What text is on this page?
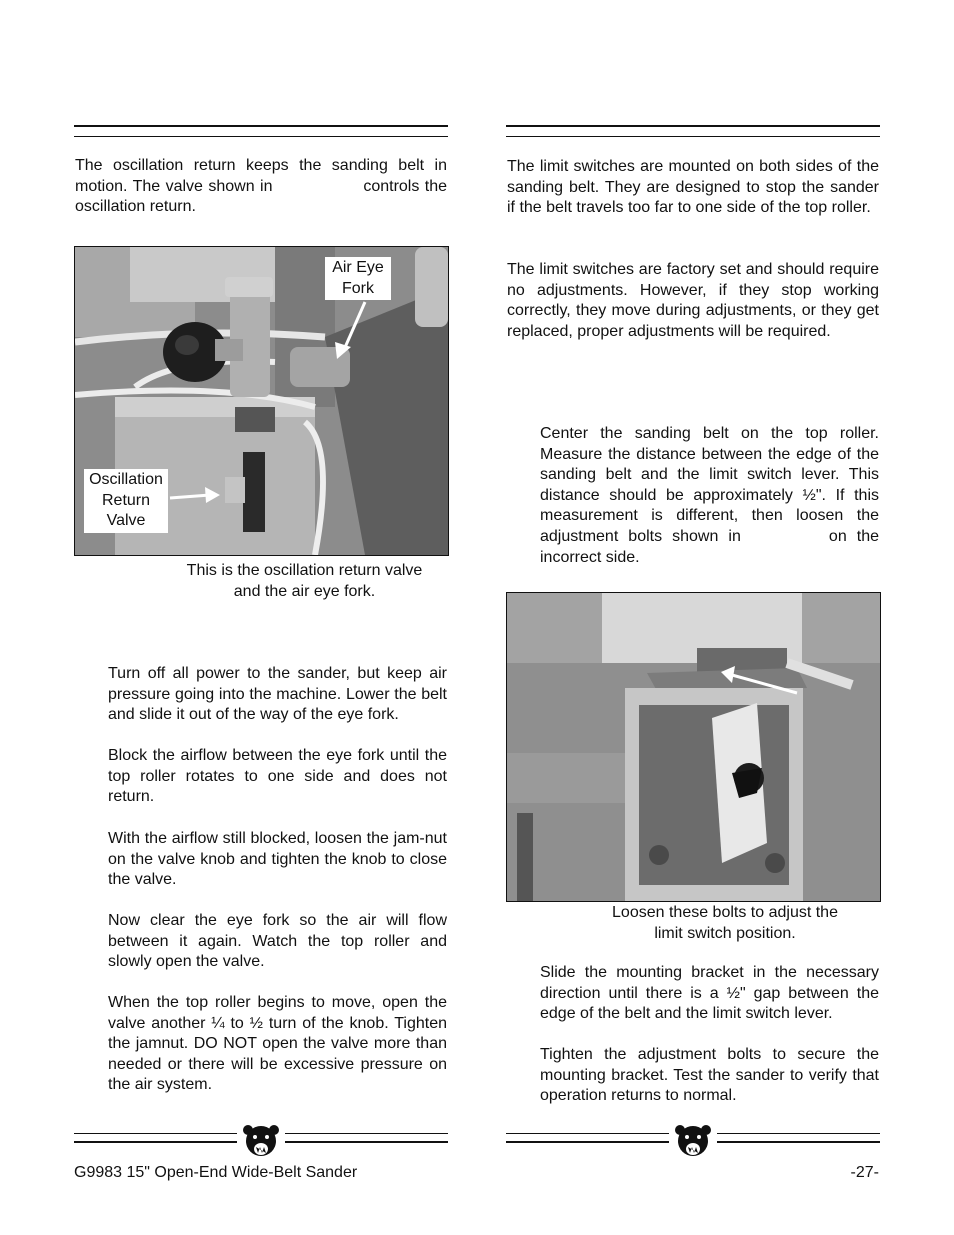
The oscillation return keeps the sanding belt in motion. The valve shown in	controls the oscillation return.

Air Eye Fork
Oscillation Return Valve
This is the oscillation return valve and the air eye fork.

Turn off all power to the sander, but keep air pressure going into the machine. Lower the belt and slide it out of the way of the eye fork.

Block the airflow between the eye fork until the top roller rotates to one side and does not return.

With the airflow still blocked, loosen the jam-nut on the valve knob and tighten the knob to close the valve.

Now clear the eye fork so the air will flow between it again. Watch the top roller and slowly open the valve.

When the top roller begins to move, open the valve another ¼ to ½ turn of the knob. Tighten the jamnut. DO NOT open the valve more than needed or there will be excessive pressure on the air system.

The limit switches are mounted on both sides of the sanding belt. They are designed to stop the sander if the belt travels too far to one side of the top roller.

The limit switches are factory set and should require no adjustments. However, if they stop working correctly, they move during adjustments, or they get replaced, proper adjustments will be required.

Center the sanding belt on the top roller. Measure the distance between the edge of the sanding belt and the limit switch lever. This distance should be approximately ½". If this measurement is different, then loosen the adjustment bolts shown in	on the incorrect side.

Loosen these bolts to adjust the limit switch position.

Slide the mounting bracket in the necessary direction until there is a ½" gap between the edge of the belt and the limit switch lever.

Tighten the adjustment bolts to secure the mounting bracket. Test the sander to verify that operation returns to normal.

G9983 15" Open-End Wide-Belt Sander	-27-
